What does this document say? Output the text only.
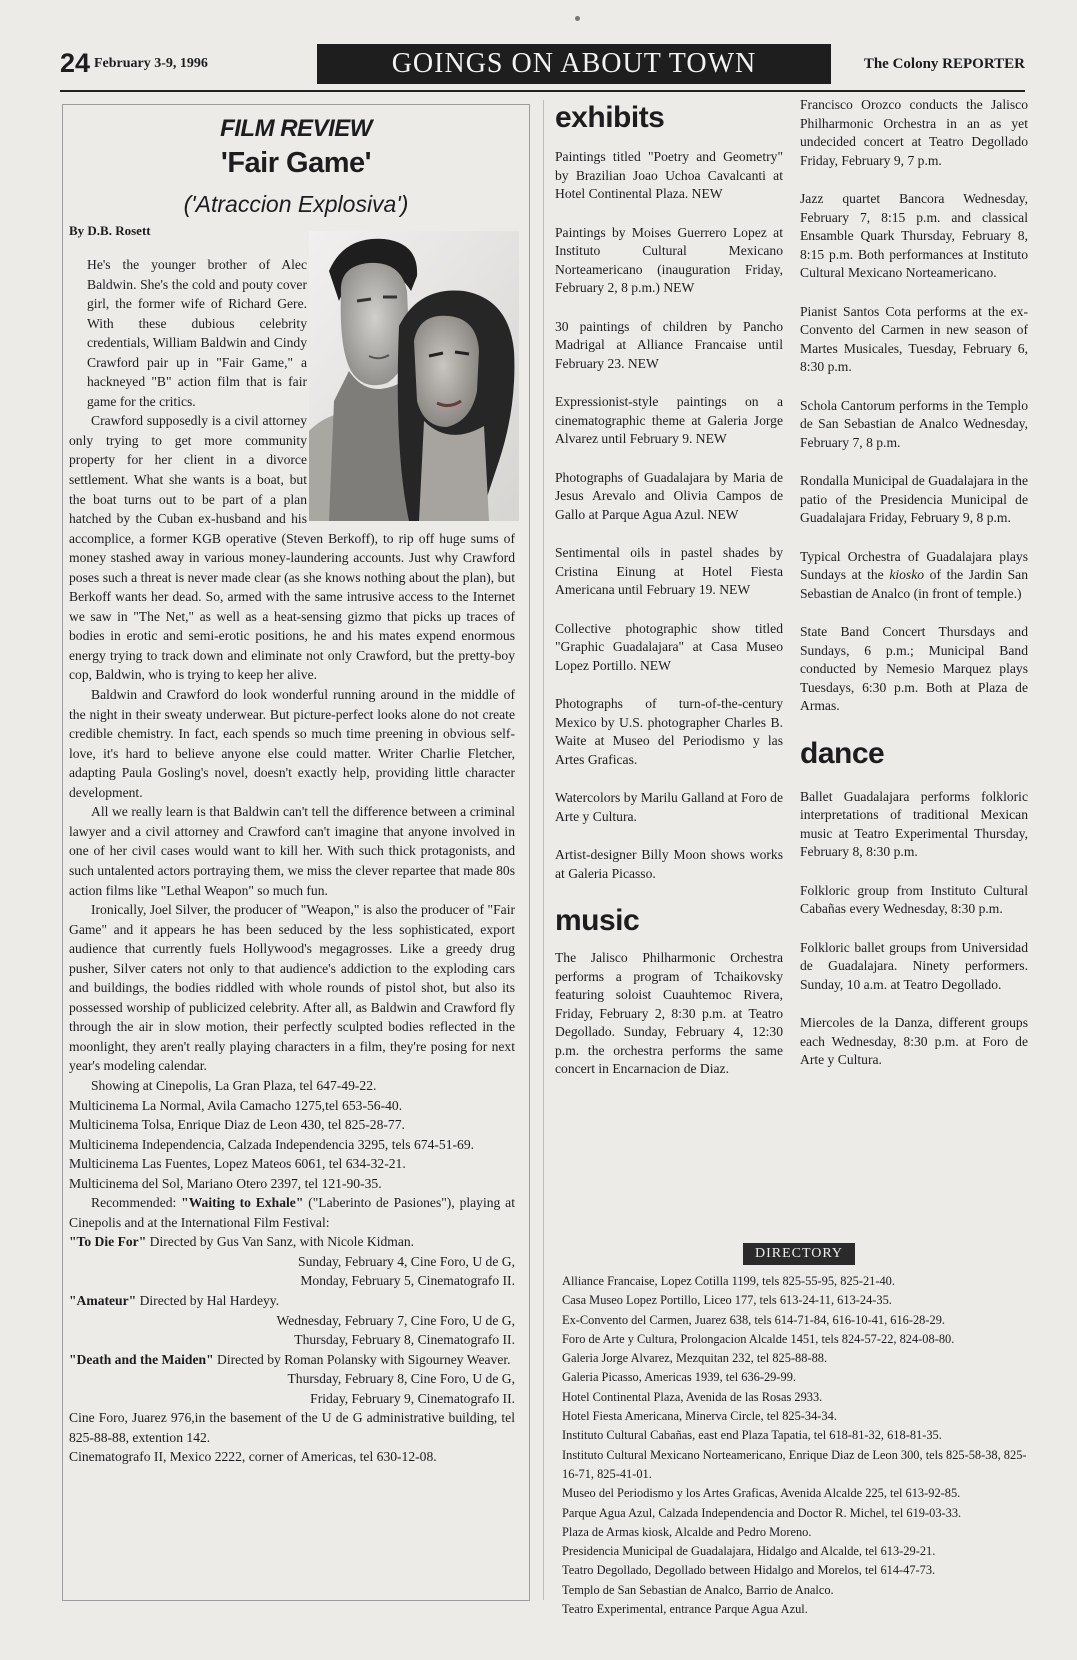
24 February 3-9, 1996	GOINGS ON ABOUT TOWN	The Colony REPORTER
FILM REVIEW
'Fair Game'
('Atraccion Explosiva')
By D.B. Rosett

He's the younger brother of Alec Baldwin. She's the cold and pouty cover girl, the former wife of Richard Gere. With these dubious celebrity credentials, William Baldwin and Cindy Crawford pair up in "Fair Game," a hackneyed "B" action film that is fair game for the critics.

Crawford supposedly is a civil attorney only trying to get more community property for her client in a divorce settlement. What she wants is a boat, but the boat turns out to be part of a plan hatched by the Cuban ex-husband and his accomplice, a former KGB operative (Steven Berkoff), to rip off huge sums of money stashed away in various money-laundering accounts. Just why Crawford poses such a threat is never made clear (as she knows nothing about the plan), but Berkoff wants her dead. So, armed with the same intrusive access to the Internet we saw in "The Net," as well as a heat-sensing gizmo that picks up traces of bodies in erotic and semi-erotic positions, he and his mates expend enormous energy trying to track down and eliminate not only Crawford, but the pretty-boy cop, Baldwin, who is trying to keep her alive.

Baldwin and Crawford do look wonderful running around in the middle of the night in their sweaty underwear. But picture-perfect looks alone do not create credible chemistry. In fact, each spends so much time preening in obvious self-love, it's hard to believe anyone else could matter. Writer Charlie Fletcher, adapting Paula Gosling's novel, doesn't exactly help, providing little character development.

All we really learn is that Baldwin can't tell the difference between a criminal lawyer and a civil attorney and Crawford can't imagine that anyone involved in one of her civil cases would want to kill her. With such thick protagonists, and such untalented actors portraying them, we miss the clever repartee that made 80s action films like "Lethal Weapon" so much fun.

Ironically, Joel Silver, the producer of "Weapon," is also the producer of "Fair Game" and it appears he has been seduced by the less sophisticated, export audience that currently fuels Hollywood's megagrosses. Like a greedy drug pusher, Silver caters not only to that audience's addiction to the exploding cars and buildings, the bodies riddled with whole rounds of pistol shot, but also its possessed worship of publicized celebrity. After all, as Baldwin and Crawford fly through the air in slow motion, their perfectly sculpted bodies reflected in the moonlight, they aren't really playing characters in a film, they're posing for next year's modeling calendar.

Showing at Cinepolis, La Gran Plaza, tel 647-49-22.

Multicinema La Normal, Avila Camacho 1275,tel 653-56-40.

Multicinema Tolsa, Enrique Diaz de Leon 430, tel 825-28-77.

Multicinema Independencia, Calzada Independencia 3295, tels 674-51-69.

Multicinema Las Fuentes, Lopez Mateos 6061, tel 634-32-21.

Multicinema del Sol, Mariano Otero 2397, tel 121-90-35.

Recommended: "Waiting to Exhale" ("Laberinto de Pasiones"), playing at Cinepolis and at the International Film Festival:

"To Die For" Directed by Gus Van Sanz, with Nicole Kidman.

Sunday, February 4, Cine Foro, U de G,

Monday, February 5, Cinematografo II.

"Amateur" Directed by Hal Hardeyy.

Wednesday, February 7, Cine Foro, U de G,

Thursday, February 8, Cinematografo II.

"Death and the Maiden" Directed by Roman Polansky with Sigourney Weaver.

Thursday, February 8, Cine Foro, U de G,

Friday, February 9, Cinematografo II.

Cine Foro, Juarez 976,in the basement of the U de G administrative building, tel 825-88-88, extention 142.

Cinematografo II, Mexico 2222, corner of Americas, tel 630-12-08.

exhibits

Paintings titled "Poetry and Geometry" by Brazilian Joao Uchoa Cavalcanti at Hotel Continental Plaza. NEW

Paintings by Moises Guerrero Lopez at Instituto Cultural Mexicano Norteamericano (inauguration Friday, February 2, 8 p.m.) NEW

30 paintings of children by Pancho Madrigal at Alliance Francaise until February 23. NEW

Expressionist-style paintings on a cinematographic theme at Galeria Jorge Alvarez until February 9. NEW

Photographs of Guadalajara by Maria de Jesus Arevalo and Olivia Campos de Gallo at Parque Agua Azul. NEW

Sentimental oils in pastel shades by Cristina Einung at Hotel Fiesta Americana until February 19. NEW

Collective photographic show titled "Graphic Guadalajara" at Casa Museo Lopez Portillo. NEW

Photographs of turn-of-the-century Mexico by U.S. photographer Charles B. Waite at Museo del Periodismo y las Artes Graficas.

Watercolors by Marilu Galland at Foro de Arte y Cultura.

Artist-designer Billy Moon shows works at Galeria Picasso.

music

The Jalisco Philharmonic Orchestra performs a program of Tchaikovsky featuring soloist Cuauhtemoc Rivera, Friday, February 2, 8:30 p.m. at Teatro Degollado. Sunday, February 4, 12:30 p.m. the orchestra performs the same concert in Encarnacion de Diaz.

Francisco Orozco conducts the Jalisco Philharmonic Orchestra in an as yet undecided concert at Teatro Degollado Friday, February 9, 7 p.m.

Jazz quartet Bancora Wednesday, February 7, 8:15 p.m. and classical Ensamble Quark Thursday, February 8, 8:15 p.m. Both performances at Instituto Cultural Mexicano Norteamericano.

Pianist Santos Cota performs at the ex-Convento del Carmen in new season of Martes Musicales, Tuesday, February 6, 8:30 p.m.

Schola Cantorum performs in the Templo de San Sebastian de Analco Wednesday, February 7, 8 p.m.

Rondalla Municipal de Guadalajara in the patio of the Presidencia Municipal de Guadalajara Friday, February 9, 8 p.m.

Typical Orchestra of Guadalajara plays Sundays at the kiosko of the Jardin San Sebastian de Analco (in front of temple.)

State Band Concert Thursdays and Sundays, 6 p.m.; Municipal Band conducted by Nemesio Marquez plays Tuesdays, 6:30 p.m. Both at Plaza de Armas.

dance

Ballet Guadalajara performs folkloric interpretations of traditional Mexican music at Teatro Experimental Thursday, February 8, 8:30 p.m.

Folkloric group from Instituto Cultural Cabañas every Wednesday, 8:30 p.m.

Folkloric ballet groups from Universidad de Guadalajara. Ninety performers. Sunday, 10 a.m. at Teatro Degollado.

Miercoles de la Danza, different groups each Wednesday, 8:30 p.m. at Foro de Arte y Cultura.

DIRECTORY
Alliance Francaise, Lopez Cotilla 1199, tels 825-55-95, 825-21-40.
Casa Museo Lopez Portillo, Liceo 177, tels 613-24-11, 613-24-35.
Ex-Convento del Carmen, Juarez 638, tels 614-71-84, 616-10-41, 616-28-29.
Foro de Arte y Cultura, Prolongacion Alcalde 1451, tels 824-57-22, 824-08-80.
Galeria Jorge Alvarez, Mezquitan 232, tel 825-88-88.
Galeria Picasso, Americas 1939, tel 636-29-99.
Hotel Continental Plaza, Avenida de las Rosas 2933.
Hotel Fiesta Americana, Minerva Circle, tel 825-34-34.
Instituto Cultural Cabañas, east end Plaza Tapatia, tel 618-81-32, 618-81-35.
Instituto Cultural Mexicano Norteamericano, Enrique Diaz de Leon 300, tels 825-58-38, 825-16-71, 825-41-01.
Museo del Periodismo y los Artes Graficas, Avenida Alcalde 225, tel 613-92-85.
Parque Agua Azul, Calzada Independencia and Doctor R. Michel, tel 619-03-33.
Plaza de Armas kiosk, Alcalde and Pedro Moreno.
Presidencia Municipal de Guadalajara, Hidalgo and Alcalde, tel 613-29-21.
Teatro Degollado, Degollado between Hidalgo and Morelos, tel 614-47-73.
Templo de San Sebastian de Analco, Barrio de Analco.
Teatro Experimental, entrance Parque Agua Azul.
